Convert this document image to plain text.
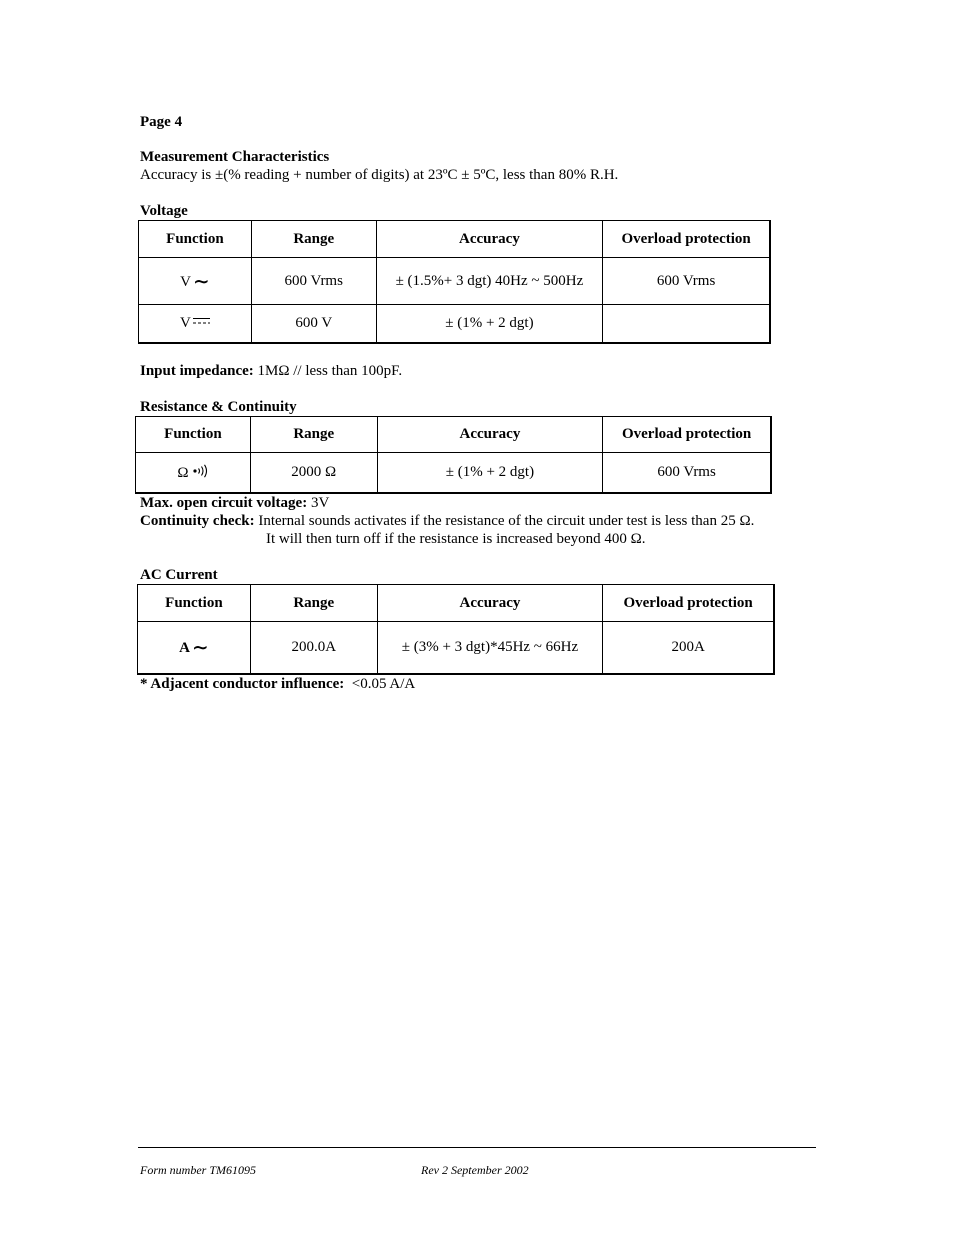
Page 4
Measurement Characteristics
Accuracy is ±(% reading + number of digits) at 23ºC ± 5ºC, less than 80% R.H.
Voltage
Function	Range	Accuracy	Overload protection
V ∼	600 Vrms	± (1.5%+ 3 dgt) 40Hz ~ 500Hz	600 Vrms
V	600 V	± (1% + 2 dgt)	
Input impedance: 1MΩ // less than 100pF.
Resistance & Continuity
Function	Range	Accuracy	Overload protection
Ω	2000 Ω	± (1% + 2 dgt)	600 Vrms
Max. open circuit voltage: 3V
Continuity check: Internal sounds activates if the resistance of the circuit under test is less than 25 Ω.
It will then turn off if the resistance is increased beyond 400 Ω.
AC Current
Function	Range	Accuracy	Overload protection
A ∼	200.0A	± (3% + 3 dgt)*45Hz ~ 66Hz	200A
* Adjacent conductor influence:  <0.05 A/A
Form number TM61095	Rev 2 September 2002
